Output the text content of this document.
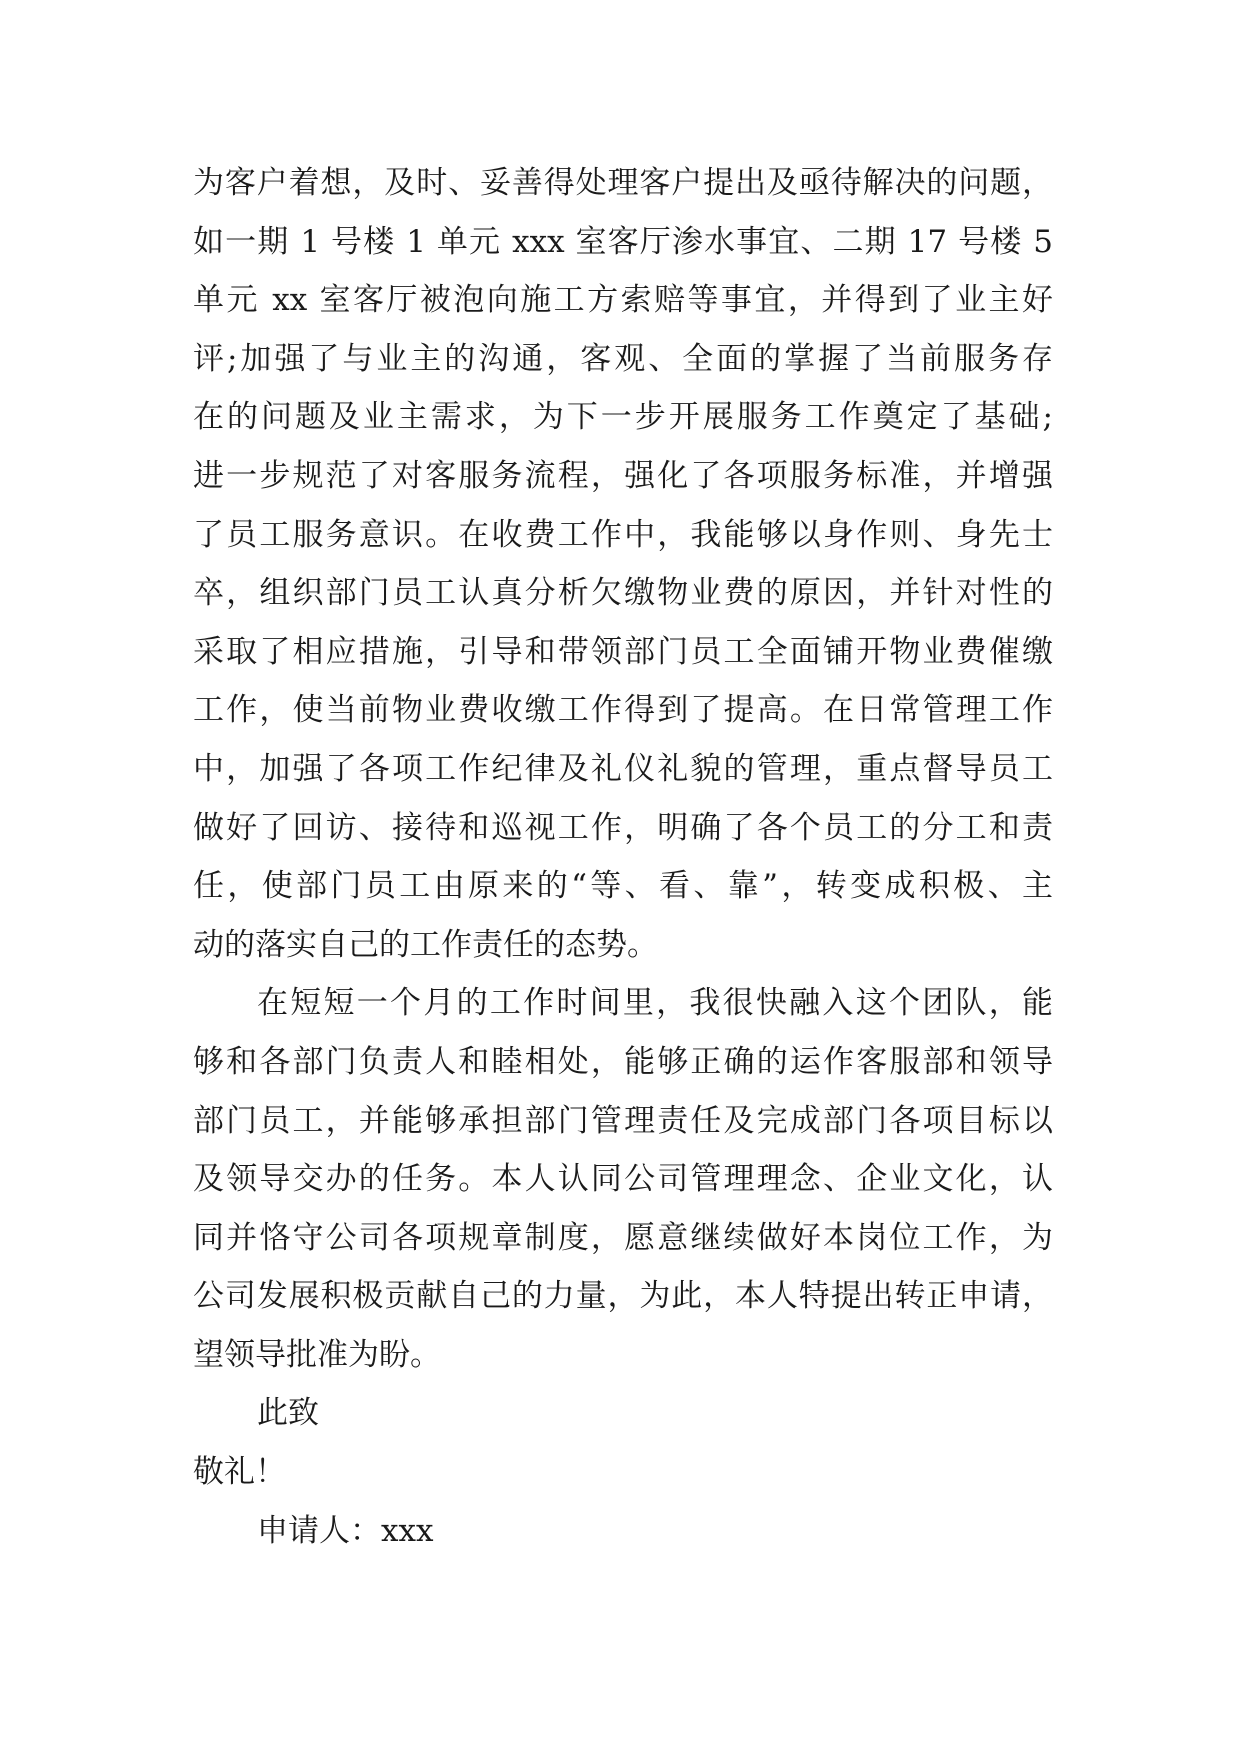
为客户着想，及时、妥善得处理客户提出及亟待解决的问题，
如一期 1 号楼 1 单元 xxx 室客厅渗水事宜、二期 17 号楼 5
单元 xx 室客厅被泡向施工方索赔等事宜，并得到了业主好
评;加强了与业主的沟通，客观、全面的掌握了当前服务存
在的问题及业主需求，为下一步开展服务工作奠定了基础;
进一步规范了对客服务流程，强化了各项服务标准，并增强
了员工服务意识。在收费工作中，我能够以身作则、身先士
卒，组织部门员工认真分析欠缴物业费的原因，并针对性的
采取了相应措施，引导和带领部门员工全面铺开物业费催缴
工作，使当前物业费收缴工作得到了提高。在日常管理工作
中，加强了各项工作纪律及礼仪礼貌的管理，重点督导员工
做好了回访、接待和巡视工作，明确了各个员工的分工和责
任，使部门员工由原来的“等、看、靠”，转变成积极、主
动的落实自己的工作责任的态势。
在短短一个月的工作时间里，我很快融入这个团队，能
够和各部门负责人和睦相处，能够正确的运作客服部和领导
部门员工，并能够承担部门管理责任及完成部门各项目标以
及领导交办的任务。本人认同公司管理理念、企业文化，认
同并恪守公司各项规章制度，愿意继续做好本岗位工作，为
公司发展积极贡献自己的力量，为此，本人特提出转正申请，
望领导批准为盼。
此致
敬礼！
申请人：xxx
